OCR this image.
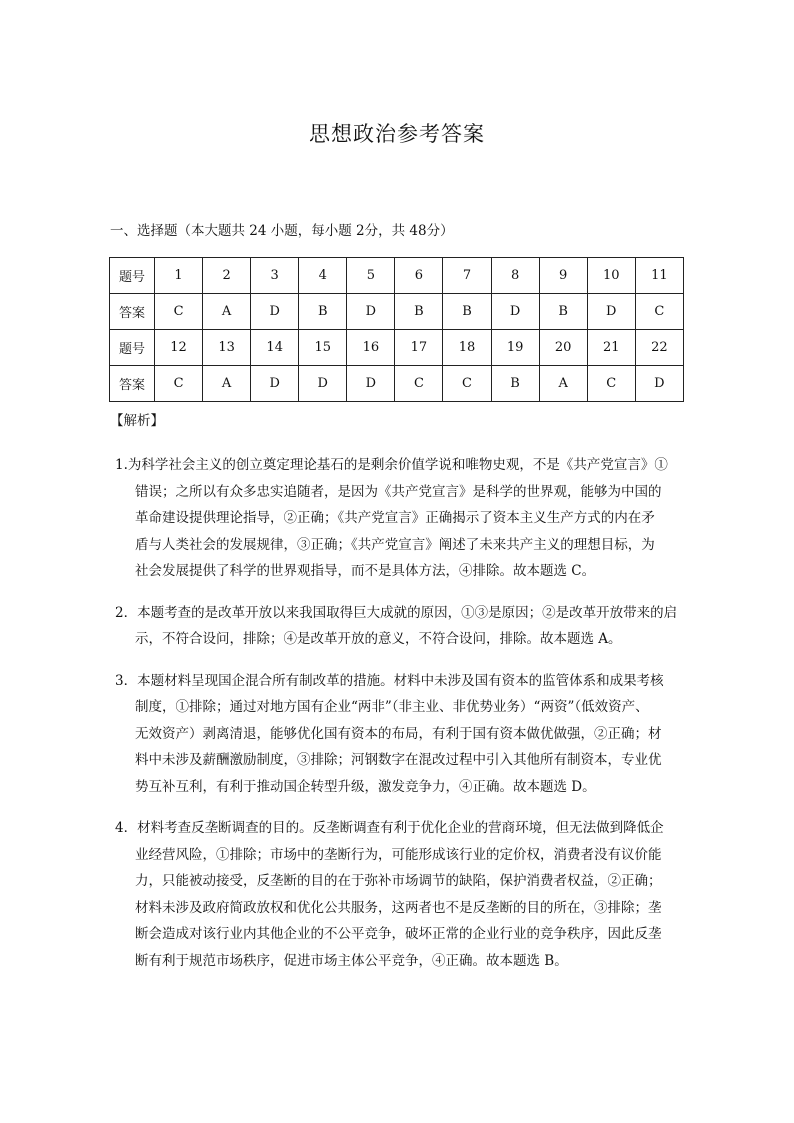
思想政治参考答案
一、选择题（本大题共 24 小题，每小题 2分，共 48分）
题号	1	2	3	4	5	6	7	8	9	10	11
答案	C	A	D	B	D	B	B	D	B	D	C
题号	12	13	14	15	16	17	18	19	20	21	22
答案	C	A	D	D	D	C	C	B	A	C	D
【解析】

1.为科学社会主义的创立奠定理论基石的是剩余价值学说和唯物史观，不是《共产党宣言》①

错误；之所以有众多忠实追随者，是因为《共产党宣言》是科学的世界观，能够为中国的

革命建设提供理论指导，②正确；《共产党宣言》正确揭示了资本主义生产方式的内在矛

盾与人类社会的发展规律，③正确；《共产党宣言》阐述了未来共产主义的理想目标，为

社会发展提供了科学的世界观指导，而不是具体方法，④排除。故本题选 C。

2．本题考查的是改革开放以来我国取得巨大成就的原因，①③是原因；②是改革开放带来的启

示，不符合设问，排除；④是改革开放的意义，不符合设问，排除。故本题选 A。

3．本题材料呈现国企混合所有制改革的措施。材料中未涉及国有资本的监管体系和成果考核

制度，①排除；通过对地方国有企业“两非”（非主业、非优势业务）“两资”（低效资产、

无效资产）剥离清退，能够优化国有资本的布局，有利于国有资本做优做强，②正确；材

料中未涉及薪酬激励制度，③排除；河钢数字在混改过程中引入其他所有制资本，专业优

势互补互利，有利于推动国企转型升级，激发竞争力，④正确。故本题选 D。

4．材料考查反垄断调查的目的。反垄断调查有利于优化企业的营商环境，但无法做到降低企

业经营风险，①排除；市场中的垄断行为，可能形成该行业的定价权，消费者没有议价能

力，只能被动接受，反垄断的目的在于弥补市场调节的缺陷，保护消费者权益，②正确；

材料未涉及政府简政放权和优化公共服务，这两者也不是反垄断的目的所在，③排除；垄

断会造成对该行业内其他企业的不公平竞争，破坏正常的企业行业的竞争秩序，因此反垄

断有利于规范市场秩序，促进市场主体公平竞争，④正确。故本题选 B。
